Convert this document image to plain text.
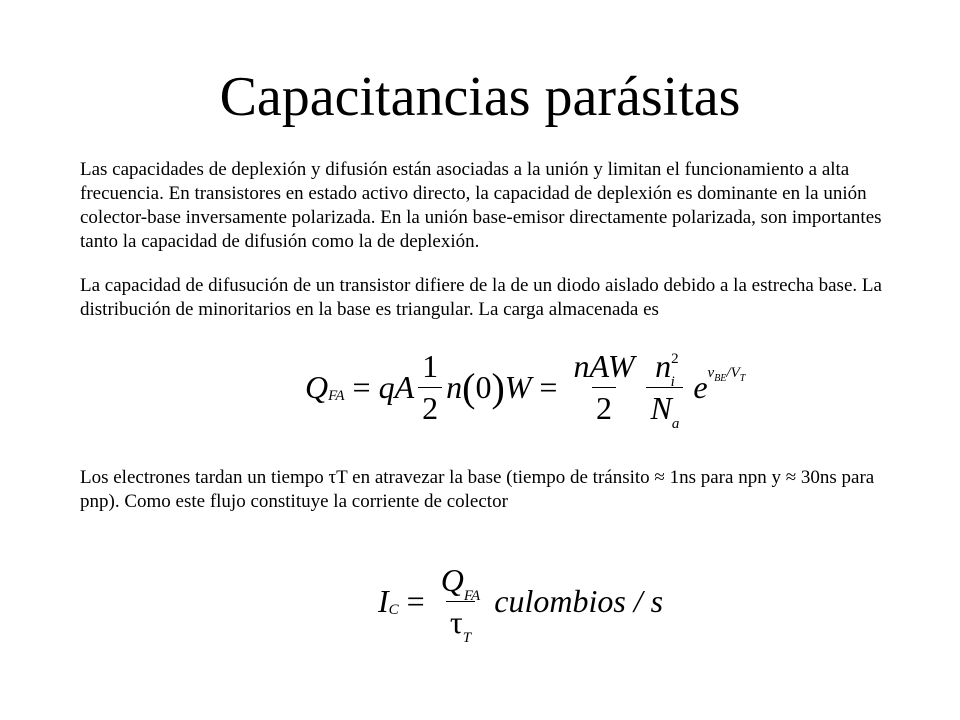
Capacitancias parásitas
Las capacidades de deplexión y difusión están asociadas a la unión y limitan el funcionamiento a alta frecuencia. En transistores en estado activo directo, la capacidad de deplexión es dominante en la unión colector-base inversamente polarizada. En la unión base-emisor directamente polarizada, son importantes tanto la capacidad de difusión como la de deplexión.
La capacidad de difusución de un transistor difiere de la de un diodo aislado debido a la estrecha base. La distribución de minoritarios en la base es triangular. La carga almacenada es
Q FA = qA $\frac{1}{2}$ n ( 0 ) $W = \frac{\text{nAW}}{2} \frac{n^2_i}{N_a}$ e $v_{BE}/V_T$
Los electrones tardan un tiempo τT en atravezar la base (tiempo de tránsito ≈ 1ns para npn y ≈ 30ns para pnp). Como este flujo constituye la corriente de colector
I $C = \frac{Q_{FA}}{\tau_T}$ culombios / s
